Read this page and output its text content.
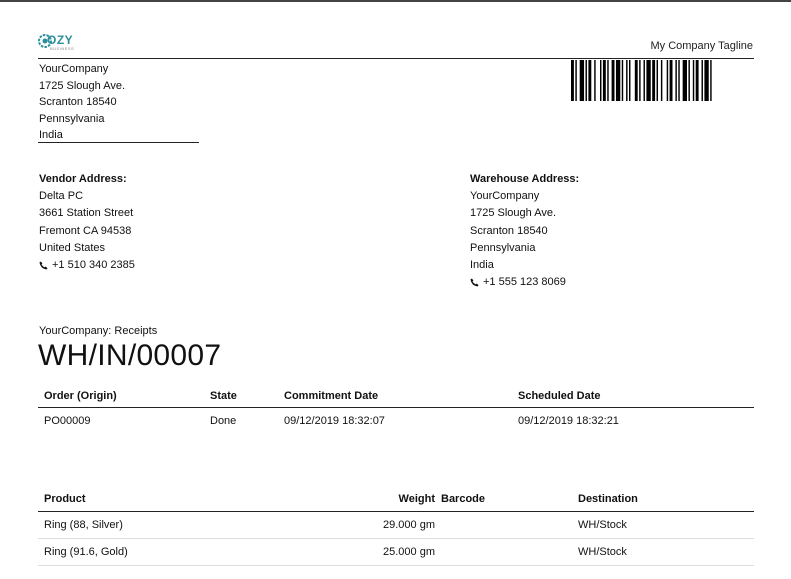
OZY
BUSINESS	My Company Tagline
YourCompany
1725 Slough Ave.
Scranton 18540
Pennsylvania
India
Vendor Address:
Delta PC
3661 Station Street
Fremont CA 94538
United States
+1 510 340 2385
Warehouse Address:
YourCompany
1725 Slough Ave.
Scranton 18540
Pennsylvania
India
+1 555 123 8069
YourCompany: Receipts
WH/IN/00007
Order (Origin)	State	Commitment Date	Scheduled Date
PO00009	Done	09/12/2019 18:32:07	09/12/2019 18:32:21
Product	Weight	Barcode	Destination
Ring (88, Silver)	29.000 gm		WH/Stock
Ring (91.6, Gold)	25.000 gm		WH/Stock
